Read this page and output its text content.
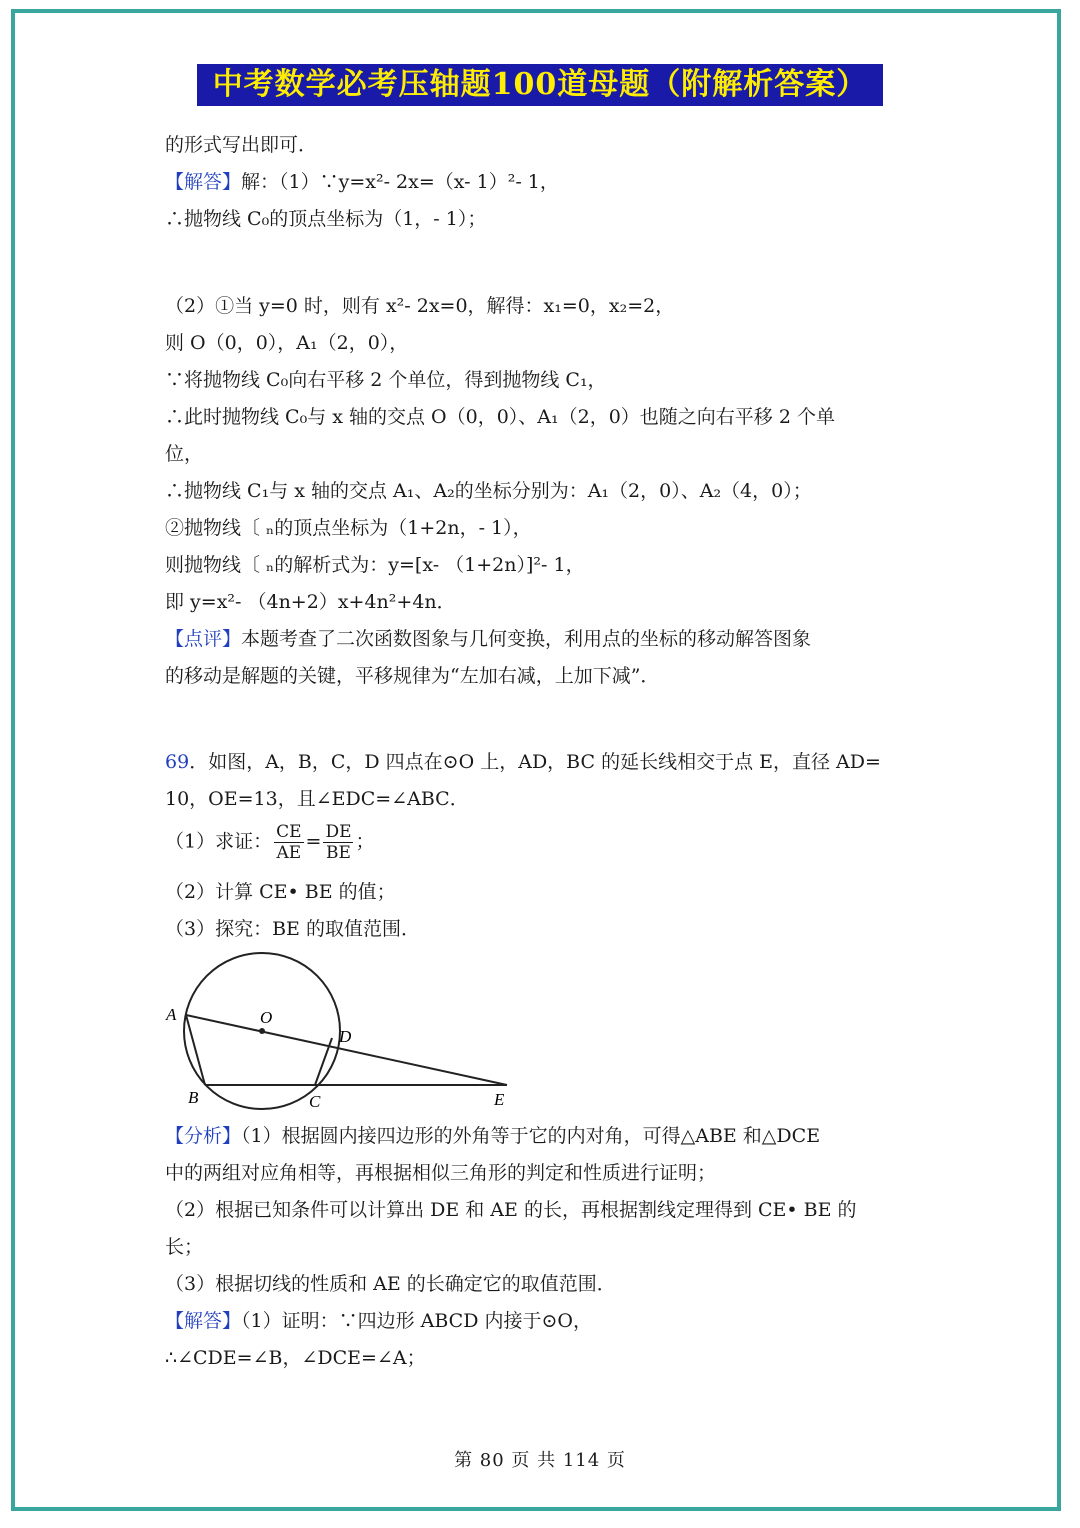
中考数学必考压轴题100道母题（附解析答案）
的形式写出即可．
【解答】解：（1）∵y=x²- 2x=（x- 1）²- 1，
∴抛物线 C₀的顶点坐标为（1，- 1）；
（2）①当 y=0 时，则有 x²- 2x=0，解得：x₁=0，x₂=2，
则 O（0，0），A₁（2，0），
∵将抛物线 C₀向右平移 2 个单位，得到抛物线 C₁，
∴此时抛物线 C₀与 x 轴的交点 O（0，0）、A₁（2，0）也随之向右平移 2 个单
位，
∴抛物线 C₁与 x 轴的交点 A₁、A₂的坐标分别为：A₁（2，0）、A₂（4，0）；
②抛物线〔 ₙ的顶点坐标为（1+2n，- 1），
则抛物线〔 ₙ的解析式为：y=[x- （1+2n）]²- 1，
即 y=x²- （4n+2）x+4n²+4n．
【点评】本题考查了二次函数图象与几何变换，利用点的坐标的移动解答图象
的移动是解题的关键，平移规律为“左加右减，上加下减”．
69．如图，A，B，C，D 四点在⊙O 上，AD，BC 的延长线相交于点 E，直径 AD=
10，OE=13，且∠EDC=∠ABC．
（1）求证： $\frac{CE}{AE} = \frac{DE}{BE}$ ；
（2）计算 CE• BE 的值；
（3）探究：BE 的取值范围．
A	O
D
B	C	E
【分析】（1）根据圆内接四边形的外角等于它的内对角，可得△ABE 和△DCE
中的两组对应角相等，再根据相似三角形的判定和性质进行证明；
（2）根据已知条件可以计算出 DE 和 AE 的长，再根据割线定理得到 CE• BE 的
长；
（3）根据切线的性质和 AE 的长确定它的取值范围．
【解答】（1）证明：∵四边形 ABCD 内接于⊙O，
∴∠CDE=∠B，∠DCE=∠A；
第 80 页 共 114 页
